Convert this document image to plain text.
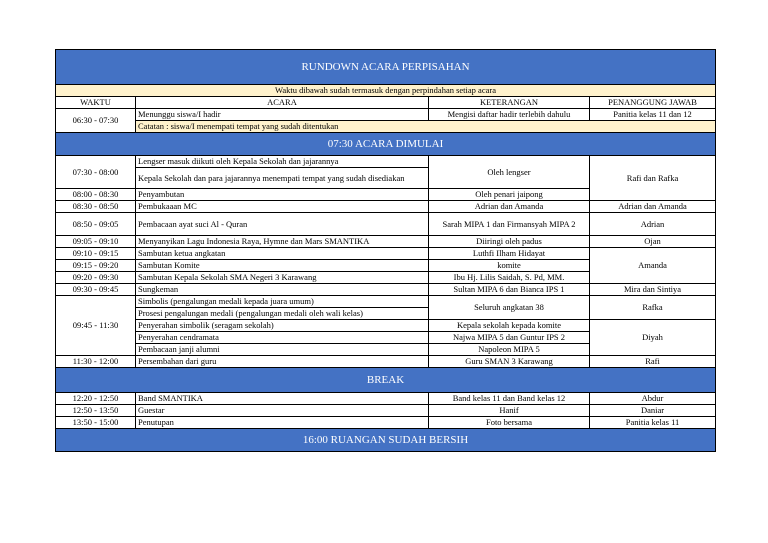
RUNDOWN ACARA PERPISAHAN			
Waktu dibawah sudah termasuk dengan perpindahan setiap acara			
WAKTU	ACARA	KETERANGAN	PENANGGUNG JAWAB
06:30 - 07:30	Menunggu siswa/I hadir	Mengisi daftar hadir terlebih dahulu	Panitia kelas 11 dan 12
	Catatan : siswa/I menempati tempat yang sudah ditentukan		
07:30 ACARA DIMULAI			
07:30 - 08:00	Lengser masuk diikuti oleh Kepala Sekolah dan jajarannya	Oleh lengser	Rafi dan Rafka
	Kepala Sekolah dan para jajarannya menempati tempat yang sudah disediakan		
08:00 - 08:30	Penyambutan	Oleh penari jaipong	
08:30 - 08:50	Pembukaaan MC	Adrian dan Amanda	Adrian dan Amanda
08:50 - 09:05	Pembacaan ayat suci Al - Quran	Sarah MIPA 1 dan Firmansyah MIPA 2	Adrian
09:05 - 09:10	Menyanyikan Lagu Indonesia Raya, Hymne dan Mars SMANTIKA	Diiringi oleh padus	Ojan
09:10 - 09:15	Sambutan ketua angkatan	Luthfi Ilham Hidayat	Amanda
09:15 - 09:20	Sambutan Komite	komite	
09:20 - 09:30	Sambutan Kepala Sekolah SMA Negeri 3 Karawang	Ibu Hj. Lilis Saidah, S. Pd, MM.	
09:30 - 09:45	Sungkeman	Sultan MIPA 6 dan Bianca IPS 1	Mira dan Sintiya
09:45 - 11:30	Simbolis (pengalungan medali kepada juara umum)	Seluruh angkatan 38	Rafka
	Prosesi pengalungan medali (pengalungan medali oleh wali kelas)		
	Penyerahan simbolik (seragam sekolah)	Kepala sekolah kepada komite	Diyah
	Penyerahan cendramata	Najwa MIPA 5 dan Guntur IPS 2	
	Pembacaan janji alumni	Napoleon MIPA 5	
11:30 - 12:00	Persembahan dari guru	Guru SMAN 3 Karawang	Rafi
BREAK			
12:20 - 12:50	Band SMANTIKA	Band kelas 11 dan Band kelas 12	Abdur
12:50 - 13:50	Guestar	Hanif	Daniar
13:50 - 15:00	Penutupan	Foto bersama	Panitia kelas 11
16:00 RUANGAN SUDAH BERSIH			
